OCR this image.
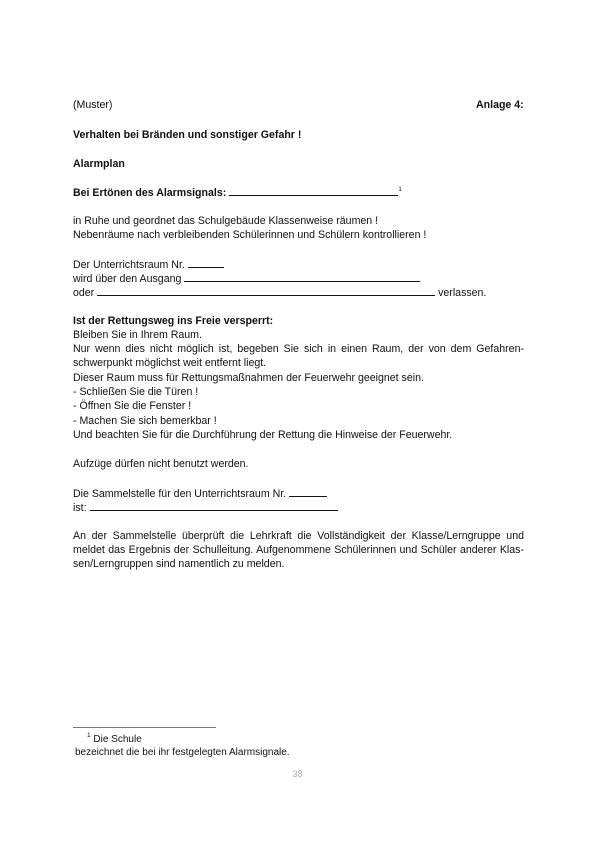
(Muster)	Anlage 4:
Verhalten bei Bränden und sonstiger Gefahr !
Alarmplan
Bei Ertönen des Alarmsignals:	$^1$
in Ruhe und geordnet das Schulgebäude Klassenweise räumen !
Nebenräume nach verbleibenden Schülerinnen und Schülern kontrollieren !
Der Unterrichtsraum Nr.
wird über den Ausgang
oder	verlassen.
Ist der Rettungsweg ins Freie versperrt:
Bleiben Sie in Ihrem Raum.
Nur wenn dies nicht möglich ist, begeben Sie sich in einen Raum, der von dem Gefahren-
schwerpunkt möglichst weit entfernt liegt.
Dieser Raum muss für Rettungsmaßnahmen der Feuerwehr geeignet sein.
- Schließen Sie die Türen !
- Öffnen Sie die Fenster !
- Machen Sie sich bemerkbar !
Und beachten Sie für die Durchführung der Rettung die Hinweise der Feuerwehr.
Aufzüge dürfen nicht benutzt werden.
Die Sammelstelle für den Unterrichtsraum Nr.
ist:
An der Sammelstelle überprüft die Lehrkraft die Vollständigkeit der Klasse/Lerngruppe und
meldet das Ergebnis der Schulleitung. Aufgenommene Schülerinnen und Schüler anderer Klas-
sen/Lerngruppen sind namentlich zu melden.
$^1$ Die Schule
bezeichnet die bei ihr festgelegten Alarmsignale.
38
